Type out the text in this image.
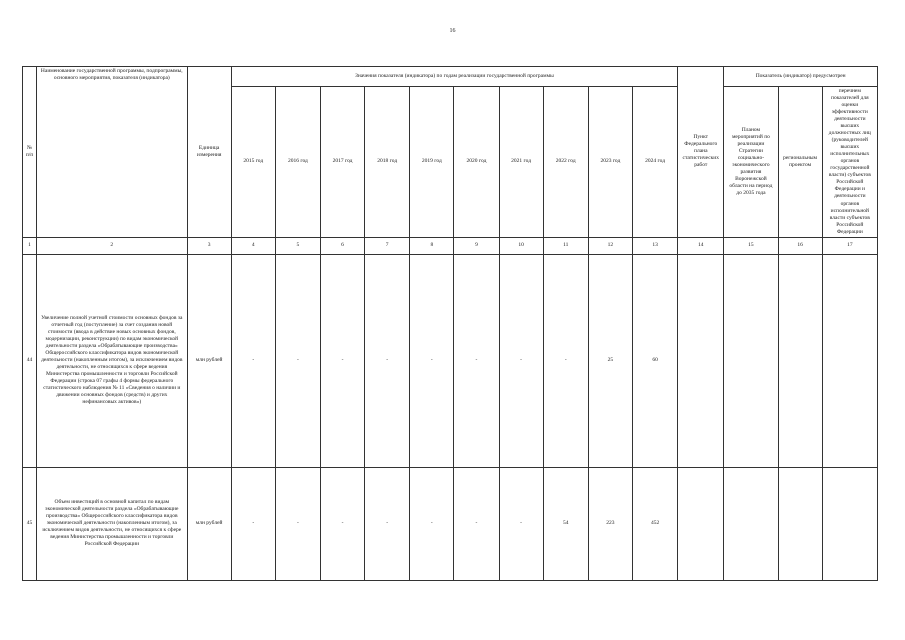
16
№ п/п	Наименование государственной программы, подпрограммы, основного мероприятия, показателя (индикатора)	Единица измерения	Значения показателя (индикатора) по годам реализации государственной программы										Пункт Федерального плана статистических работ	Показатель (индикатор) предусмотрен		
			2015 год	2016 год	2017 год	2018 год	2019 год	2020 год	2021 год	2022 год	2023 год	2024 год		Планом мероприятий по реализации Стратегии социально-экономического развития Воронежской области на период до 2035 года	региональным проектом	перечнем показателей для оценки эффективности деятельности высших должностных лиц (руководителей высших исполнительных органов государственной власти) субъектов Российской Федерации и деятельности органов исполнительной власти субъектов Российской Федерации
1	2	3	4	5	6	7	8	9	10	11	12	13	14	15	16	17
44	Увеличение полной учетной стоимости основных фондов за отчетный год (поступление) за счет создания новой стоимости (ввода в действие новых основных фондов, модернизации, реконструкции) по видам экономической деятельности раздела «Обрабатывающие производства» Общероссийского классификатора видов экономической деятельности (накопленным итогом), за исключением видов деятельности, не относящихся к сфере ведения Министерства промышленности и торговли Российской Федерации (строка 07 графы 4 формы федерального статистического наблюдения № 11 «Сведения о наличии и движении основных фондов (средств) и других нефинансовых активов»)	млн рублей	-	-	-	-	-	-	-	-	25	60				
45	Объем инвестиций в основной капитал по видам экономической деятельности раздела «Обрабатывающие производства» Общероссийского классификатора видов экономической деятельности (накопленным итогом), за исключением видов деятельности, не относящихся к сфере ведения Министерства промышленности и торговли Российской Федерации	млн рублей	-	-	-	-	-	-	-	54	223	452				
